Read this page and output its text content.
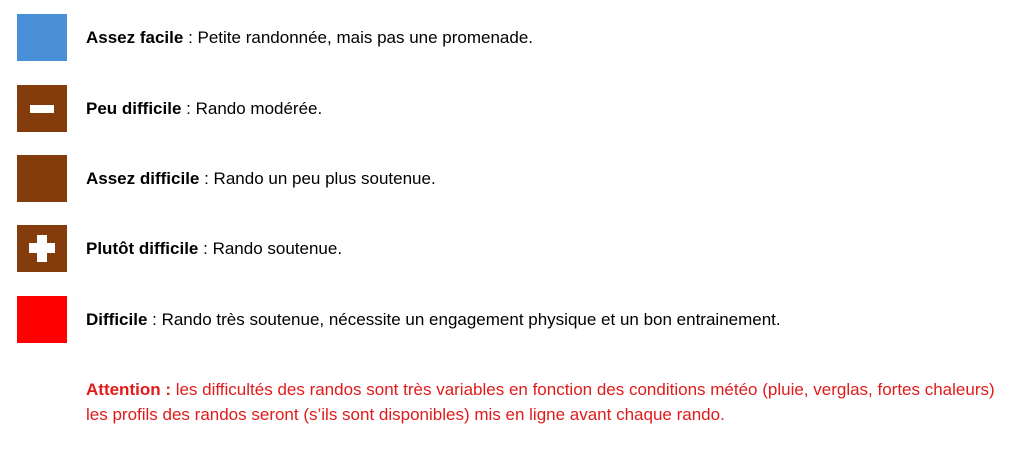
Assez facile : Petite randonnée, mais pas une promenade.
Peu difficile : Rando modérée.
Assez difficile : Rando un peu plus soutenue.
Plutôt difficile : Rando soutenue.
Difficile : Rando très soutenue, nécessite un engagement physique et un bon entrainement.
Attention : les difficultés des randos sont très variables en fonction des conditions météo (pluie, verglas, fortes chaleurs) les profils des randos seront (s’ils sont disponibles) mis en ligne avant chaque rando.
